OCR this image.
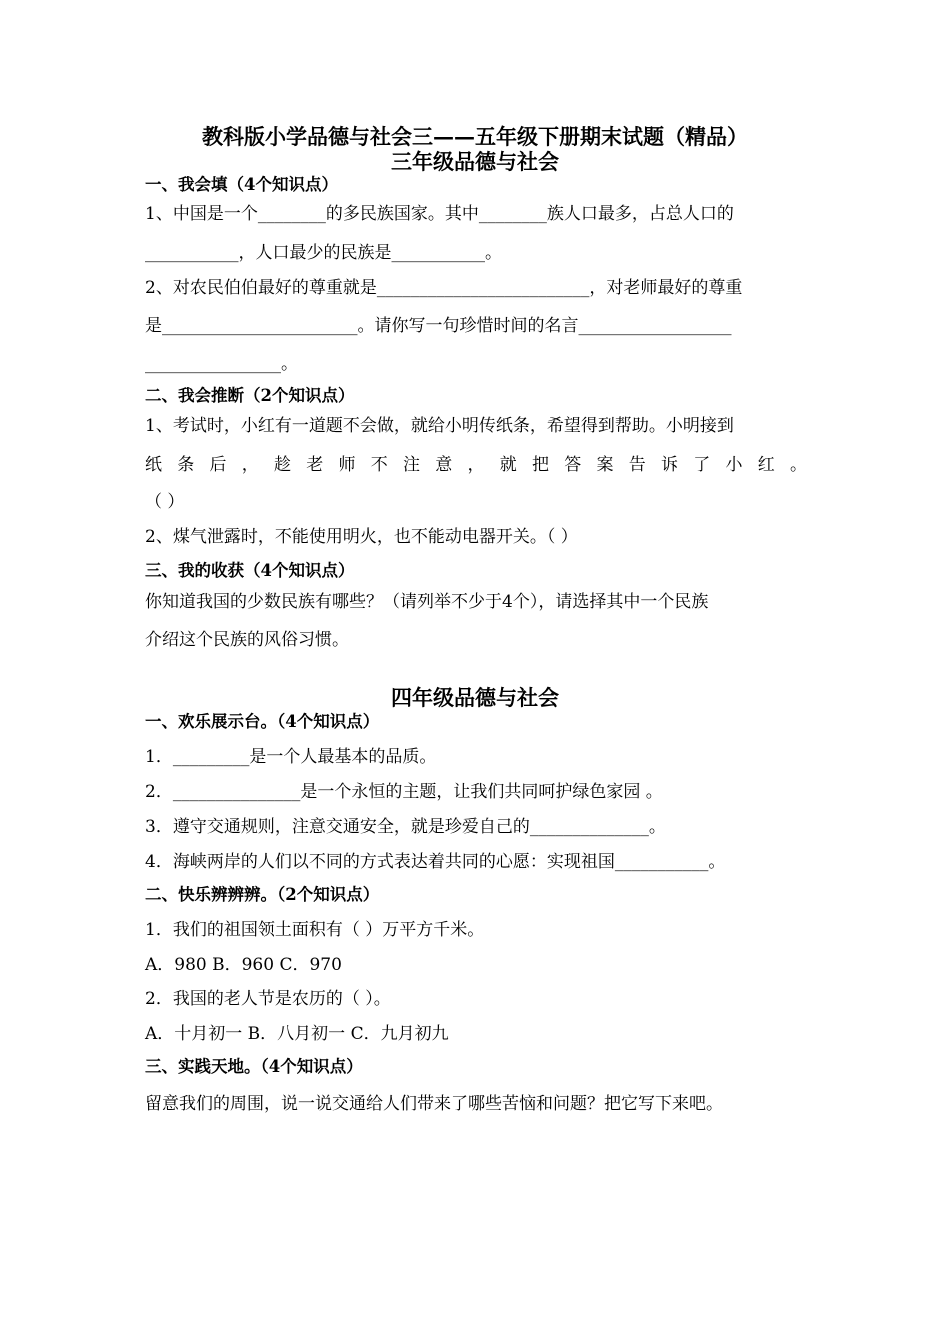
教科版小学品德与社会三——五年级下册期末试题（精品）
三年级品德与社会
一、我会填（4个知识点）
1、中国是一个________的多民族国家。其中________族人口最多，占总人口的
___________，人口最少的民族是___________。
2、对农民伯伯最好的尊重就是_________________________，对老师最好的尊重
是_______________________。请你写一句珍惜时间的名言__________________
________________。
二、我会推断（2个知识点）
1、考试时，小红有一道题不会做，就给小明传纸条，希望得到帮助。小明接到
纸 条 后 ， 趁 老 师 不 注 意 ， 就 把 答 案 告 诉 了 小 红 。
（ ）
2、煤气泄露时，不能使用明火，也不能动电器开关。（ ）
三、我的收获（4个知识点）
你知道我国的少数民族有哪些？（请列举不少于4个），请选择其中一个民族
介绍这个民族的风俗习惯。
四年级品德与社会
一、欢乐展示台。（4个知识点）
1．_________是一个人最基本的品质。
2．_______________是一个永恒的主题，让我们共同呵护绿色家园 。
3．遵守交通规则，注意交通安全，就是珍爱自己的______________。
4．海峡两岸的人们以不同的方式表达着共同的心愿：实现祖国___________。
二、快乐辨辨辨。（2个知识点）
1．我们的祖国领土面积有（ ）万平方千米。
A．980 B．960 C．970
2．我国的老人节是农历的（ ）。
A．十月初一 B．八月初一 C．九月初九
三、实践天地。（4个知识点）
留意我们的周围，说一说交通给人们带来了哪些苦恼和问题？把它写下来吧。
